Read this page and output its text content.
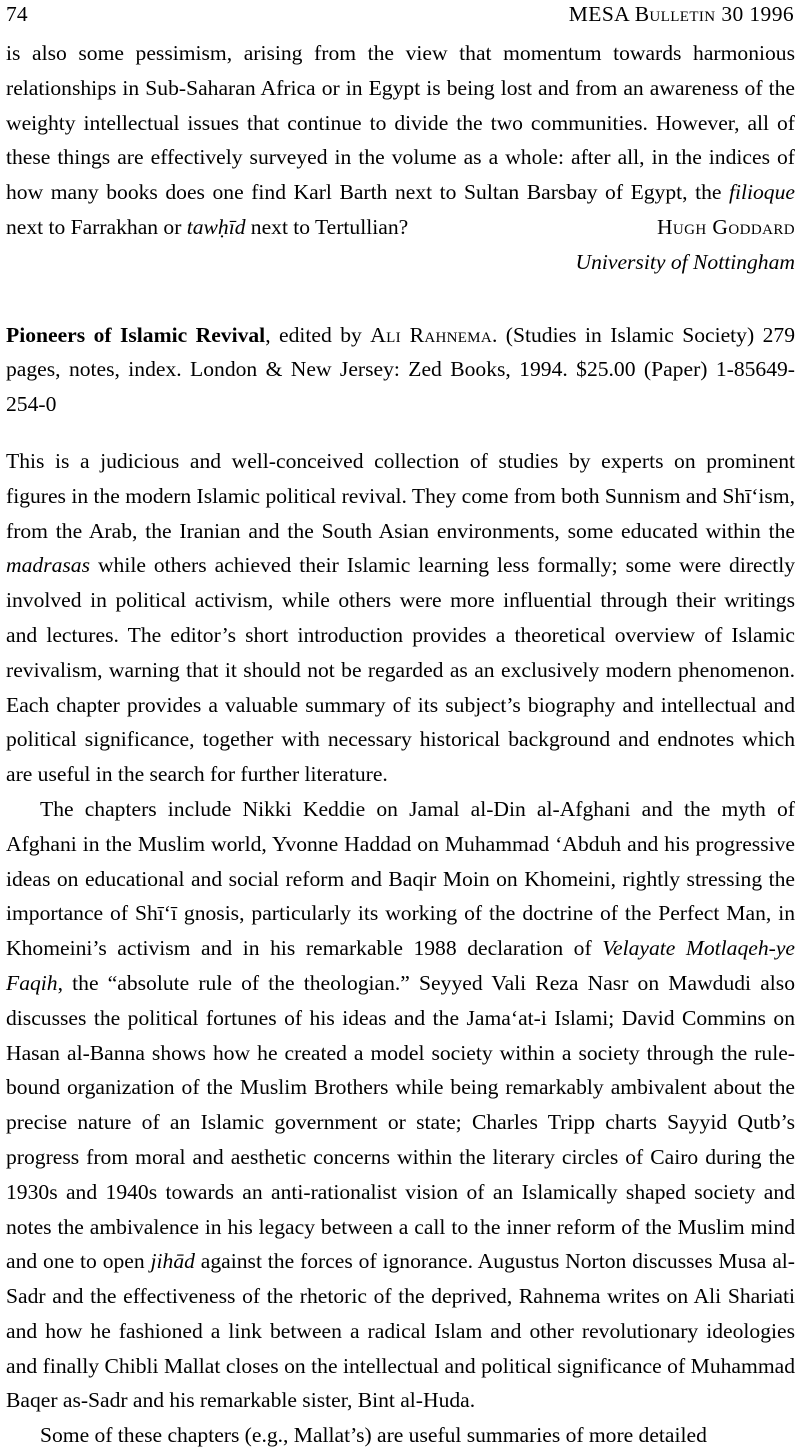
74	MESA Bulletin 30 1996

is also some pessimism, arising from the view that momentum towards harmonious relationships in Sub-Saharan Africa or in Egypt is being lost and from an awareness of the weighty intellectual issues that continue to divide the two communities. However, all of these things are effectively surveyed in the volume as a whole: after all, in the indices of how many books does one find Karl Barth next to Sultan Barsbay of Egypt, the filioque next to Farrakhan or tawḥīd next to Tertullian?	Hugh Goddard
University of Nottingham

Pioneers of Islamic Revival, edited by Ali Rahnema. (Studies in Islamic Society) 279 pages, notes, index. London & New Jersey: Zed Books, 1994. $25.00 (Paper) 1-85649-254-0

This is a judicious and well-conceived collection of studies by experts on prominent figures in the modern Islamic political revival. They come from both Sunnism and Shī‘ism, from the Arab, the Iranian and the South Asian environments, some educated within the madrasas while others achieved their Islamic learning less formally; some were directly involved in political activism, while others were more influential through their writings and lectures. The editor’s short introduction provides a theoretical overview of Islamic revivalism, warning that it should not be regarded as an exclusively modern phenomenon. Each chapter provides a valuable summary of its subject’s biography and intellectual and political significance, together with necessary historical background and endnotes which are useful in the search for further literature.

The chapters include Nikki Keddie on Jamal al-Din al-Afghani and the myth of Afghani in the Muslim world, Yvonne Haddad on Muhammad ‘Abduh and his progressive ideas on educational and social reform and Baqir Moin on Khomeini, rightly stressing the importance of Shī‘ī gnosis, particularly its working of the doctrine of the Perfect Man, in Khomeini’s activism and in his remarkable 1988 declaration of Velayate Motlaqeh-ye Faqih, the “absolute rule of the theologian.” Seyyed Vali Reza Nasr on Mawdudi also discusses the political fortunes of his ideas and the Jama‘at-i Islami; David Commins on Hasan al-Banna shows how he created a model society within a society through the rule-bound organization of the Muslim Brothers while being remarkably ambivalent about the precise nature of an Islamic government or state; Charles Tripp charts Sayyid Qutb’s progress from moral and aesthetic concerns within the literary circles of Cairo during the 1930s and 1940s towards an anti-rationalist vision of an Islamically shaped society and notes the ambivalence in his legacy between a call to the inner reform of the Muslim mind and one to open jihād against the forces of ignorance. Augustus Norton discusses Musa al-Sadr and the effectiveness of the rhetoric of the deprived, Rahnema writes on Ali Shariati and how he fashioned a link between a radical Islam and other revolutionary ideologies and finally Chibli Mallat closes on the intellectual and political significance of Muhammad Baqer as-Sadr and his remarkable sister, Bint al-Huda.

Some of these chapters (e.g., Mallat’s) are useful summaries of more detailed
